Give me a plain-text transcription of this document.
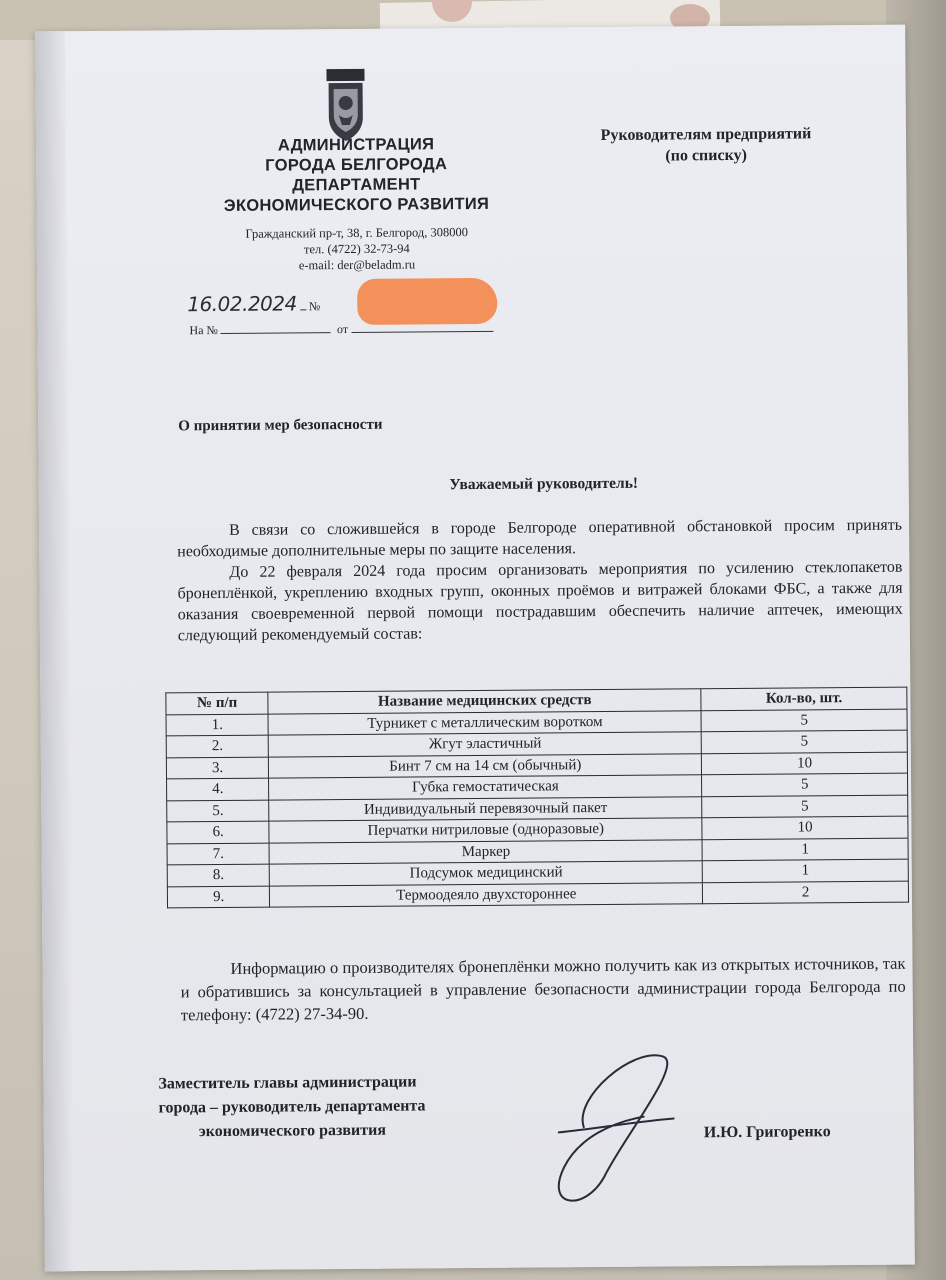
АДМИНИСТРАЦИЯ
ГОРОДА БЕЛГОРОДА
ДЕПАРТАМЕНТ
ЭКОНОМИЧЕСКОГО РАЗВИТИЯ
Гражданский пр-т, 38, г. Белгород, 308000
тел. (4722) 32-73-94
e-mail: der@beladm.ru
Руководителям предприятий
(по списку)
16.02.2024 №
На №	от
О принятии мер безопасности
Уважаемый руководитель!

В связи со сложившейся в городе Белгороде оперативной обстановкой просим принять необходимые дополнительные меры по защите населения.

До 22 февраля 2024 года просим организовать мероприятия по усилению стеклопакетов бронеплёнкой, укреплению входных групп, оконных проёмов и витражей блоками ФБС, а также для оказания своевременной первой помощи пострадавшим обеспечить наличие аптечек, имеющих следующий рекомендуемый состав:

№ п/п	Название медицинских средств	Кол-во, шт.
1.	Турникет с металлическим воротком	5
2.	Жгут эластичный	5
3.	Бинт 7 см на 14 см (обычный)	10
4.	Губка гемостатическая	5
5.	Индивидуальный перевязочный пакет	5
6.	Перчатки нитриловые (одноразовые)	10
7.	Маркер	1
8.	Подсумок медицинский	1
9.	Термоодеяло двухстороннее	2

Информацию о производителях бронеплёнки можно получить как из открытых источников, так и обратившись за консультацией в управление безопасности администрации города Белгорода по телефону: (4722) 27-34-90.

Заместитель главы администрации
города – руководитель департамента
экономического развития	И.Ю. Григоренко
